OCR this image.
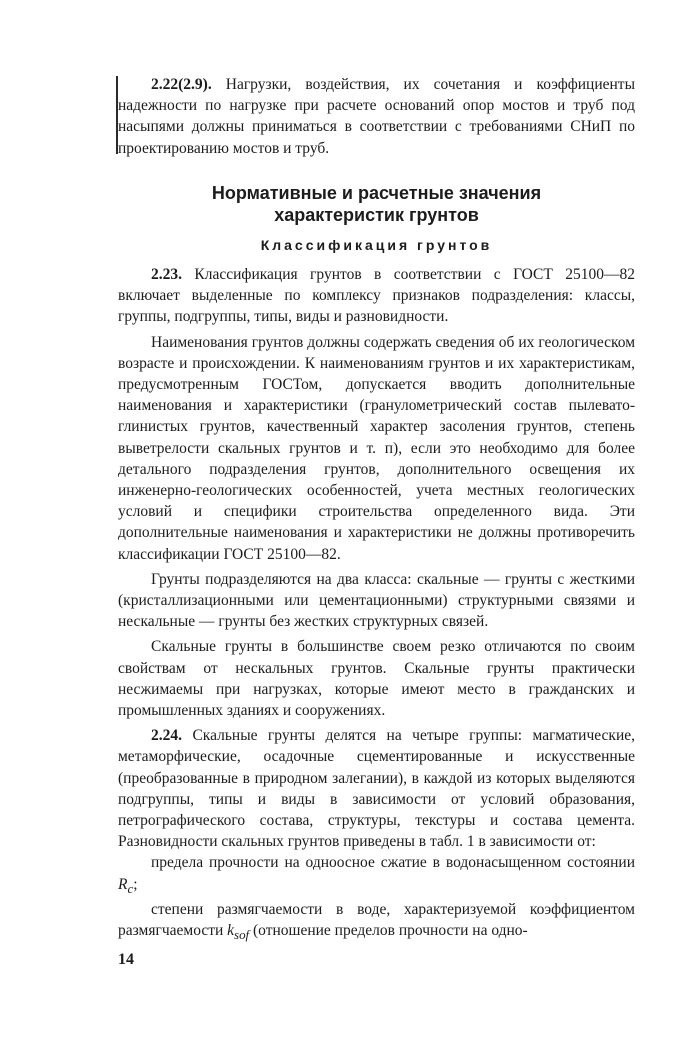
2.22(2.9). Нагрузки, воздействия, их сочетания и коэффициенты надежности по нагрузке при расчете оснований опор мостов и труб под насыпями должны приниматься в соответствии с требованиями СНиП по проектированию мостов и труб.

Нормативные и расчетные значения
характеристик грунтов
Классификация грунтов

2.23. Классификация грунтов в соответствии с ГОСТ 25100—82 включает выделенные по комплексу признаков подразделения: классы, группы, подгруппы, типы, виды и разновидности.

Наименования грунтов должны содержать сведения об их геологическом возрасте и происхождении. К наименованиям грунтов и их характеристикам, предусмотренным ГОСТом, допускается вводить дополнительные наименования и характеристики (гранулометрический состав пылевато-глинистых грунтов, качественный характер засоления грунтов, степень выветрелости скальных грунтов и т. п), если это необходимо для более детального подразделения грунтов, дополнительного освещения их инженерно-геологических особенностей, учета местных геологических условий и специфики строительства определенного вида. Эти дополнительные наименования и характеристики не должны противоречить классификации ГОСТ 25100—82.

Грунты подразделяются на два класса: скальные — грунты с жесткими (кристаллизационными или цементационными) структурными связями и нескальные — грунты без жестких структурных связей.

Скальные грунты в большинстве своем резко отличаются по своим свойствам от нескальных грунтов. Скальные грунты практически несжимаемы при нагрузках, которые имеют место в гражданских и промышленных зданиях и сооружениях.

2.24. Скальные грунты делятся на четыре группы: магматические, метаморфические, осадочные сцементированные и искусственные (преобразованные в природном залегании), в каждой из которых выделяются подгруппы, типы и виды в зависимости от условий образования, петрографического состава, структуры, текстуры и состава цемента. Разновидности скальных грунтов приведены в табл. 1 в зависимости от:

предела прочности на одноосное сжатие в водонасыщенном состоянии $R_c$;

степени размягчаемости в воде, характеризуемой коэффициентом размягчаемости $k_{sof}$ (отношение пределов прочности на одно-

14
